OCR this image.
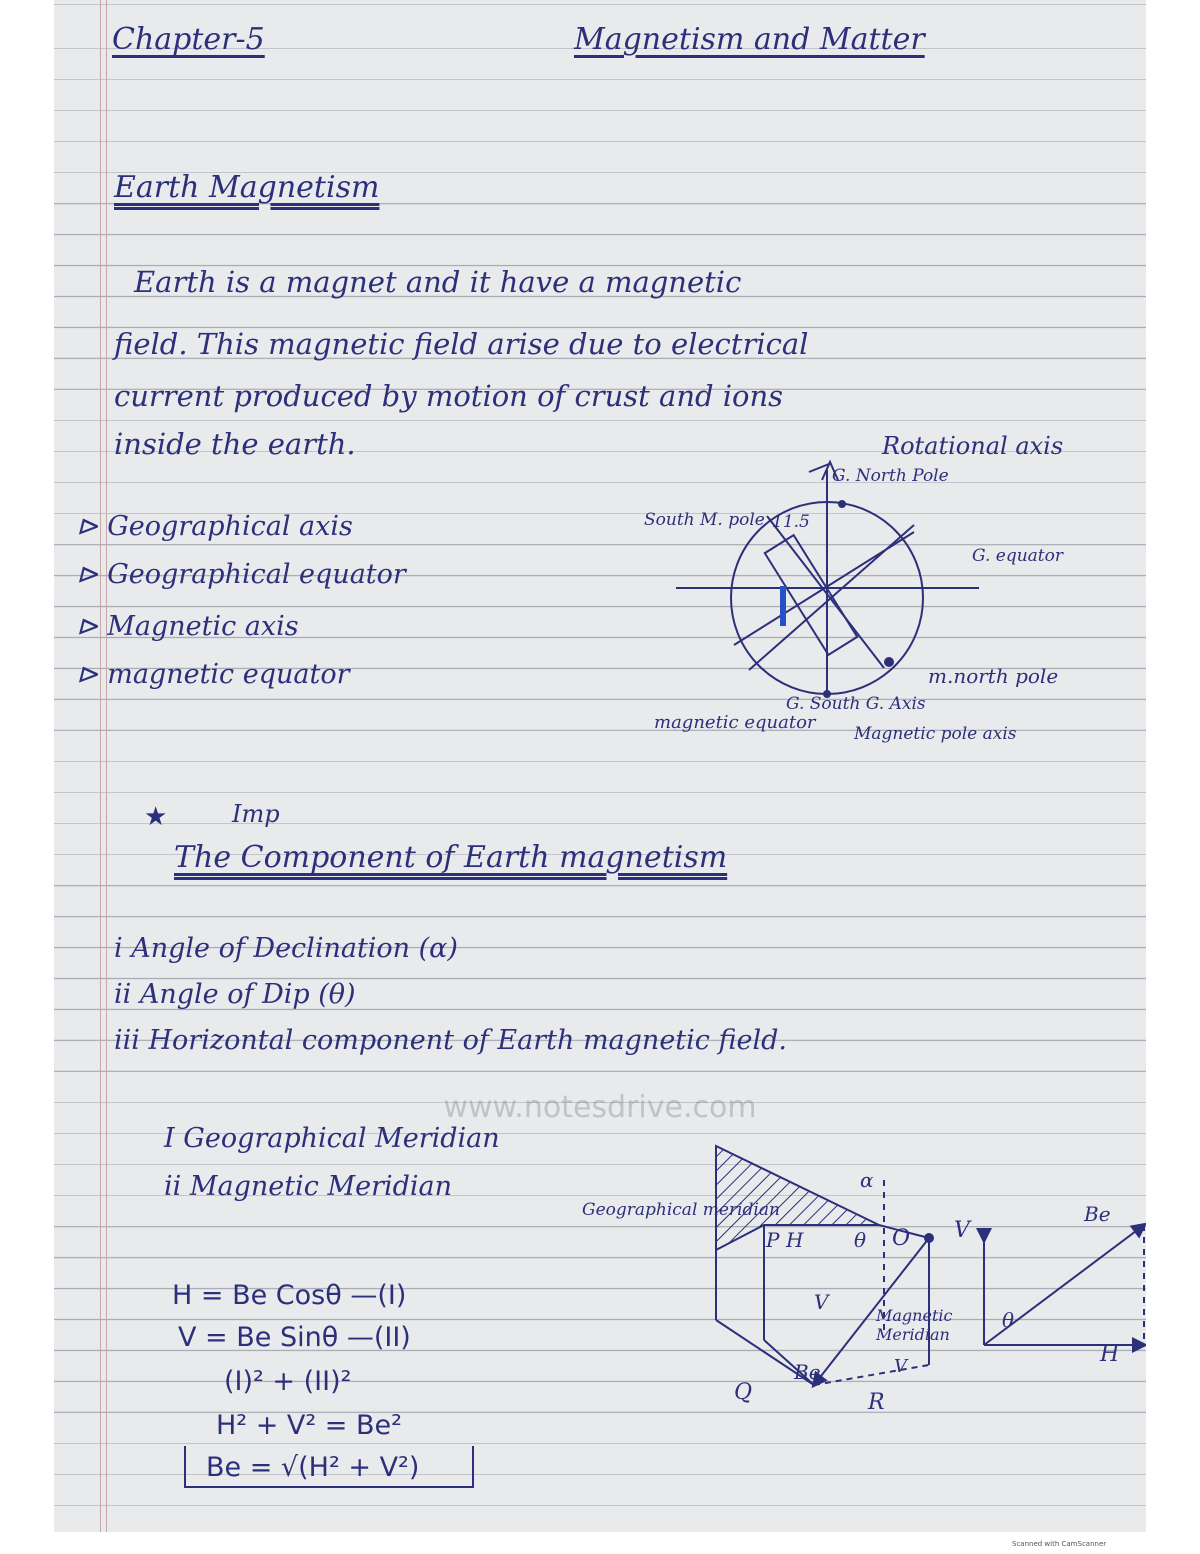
Chapter-5	Magnetism and Matter
Earth Magnetism
Earth is a magnet and it have a magnetic
field. This magnetic field arise due to electrical
current produced by motion of crust and ions
inside the earth.
⊳ Geographical axis
⊳ Geographical equator
⊳ Magnetic axis
⊳ magnetic equator
Rotational axis
G. North Pole
South M. pole 11.5
G. equator
m.north pole
magnetic equator
G. South G. Axis
Magnetic pole axis
★	Imp
The Component of Earth magnetism
i Angle of Declination (α)
ii Angle of Dip (θ)
iii Horizontal component of Earth magnetic field.
www.notesdrive.com
I Geographical Meridian
ii Magnetic Meridian
H = Be Cosθ —(I)
V = Be Sinθ —(II)
(I)² + (II)²
H² + V² = Be²
Be = √(H² + V²)
Geographical meridian
α
P H	θ O
V
Be
Q	R
Magnetic Meridian
V
V
Be
θ
H
Scanned with CamScanner
